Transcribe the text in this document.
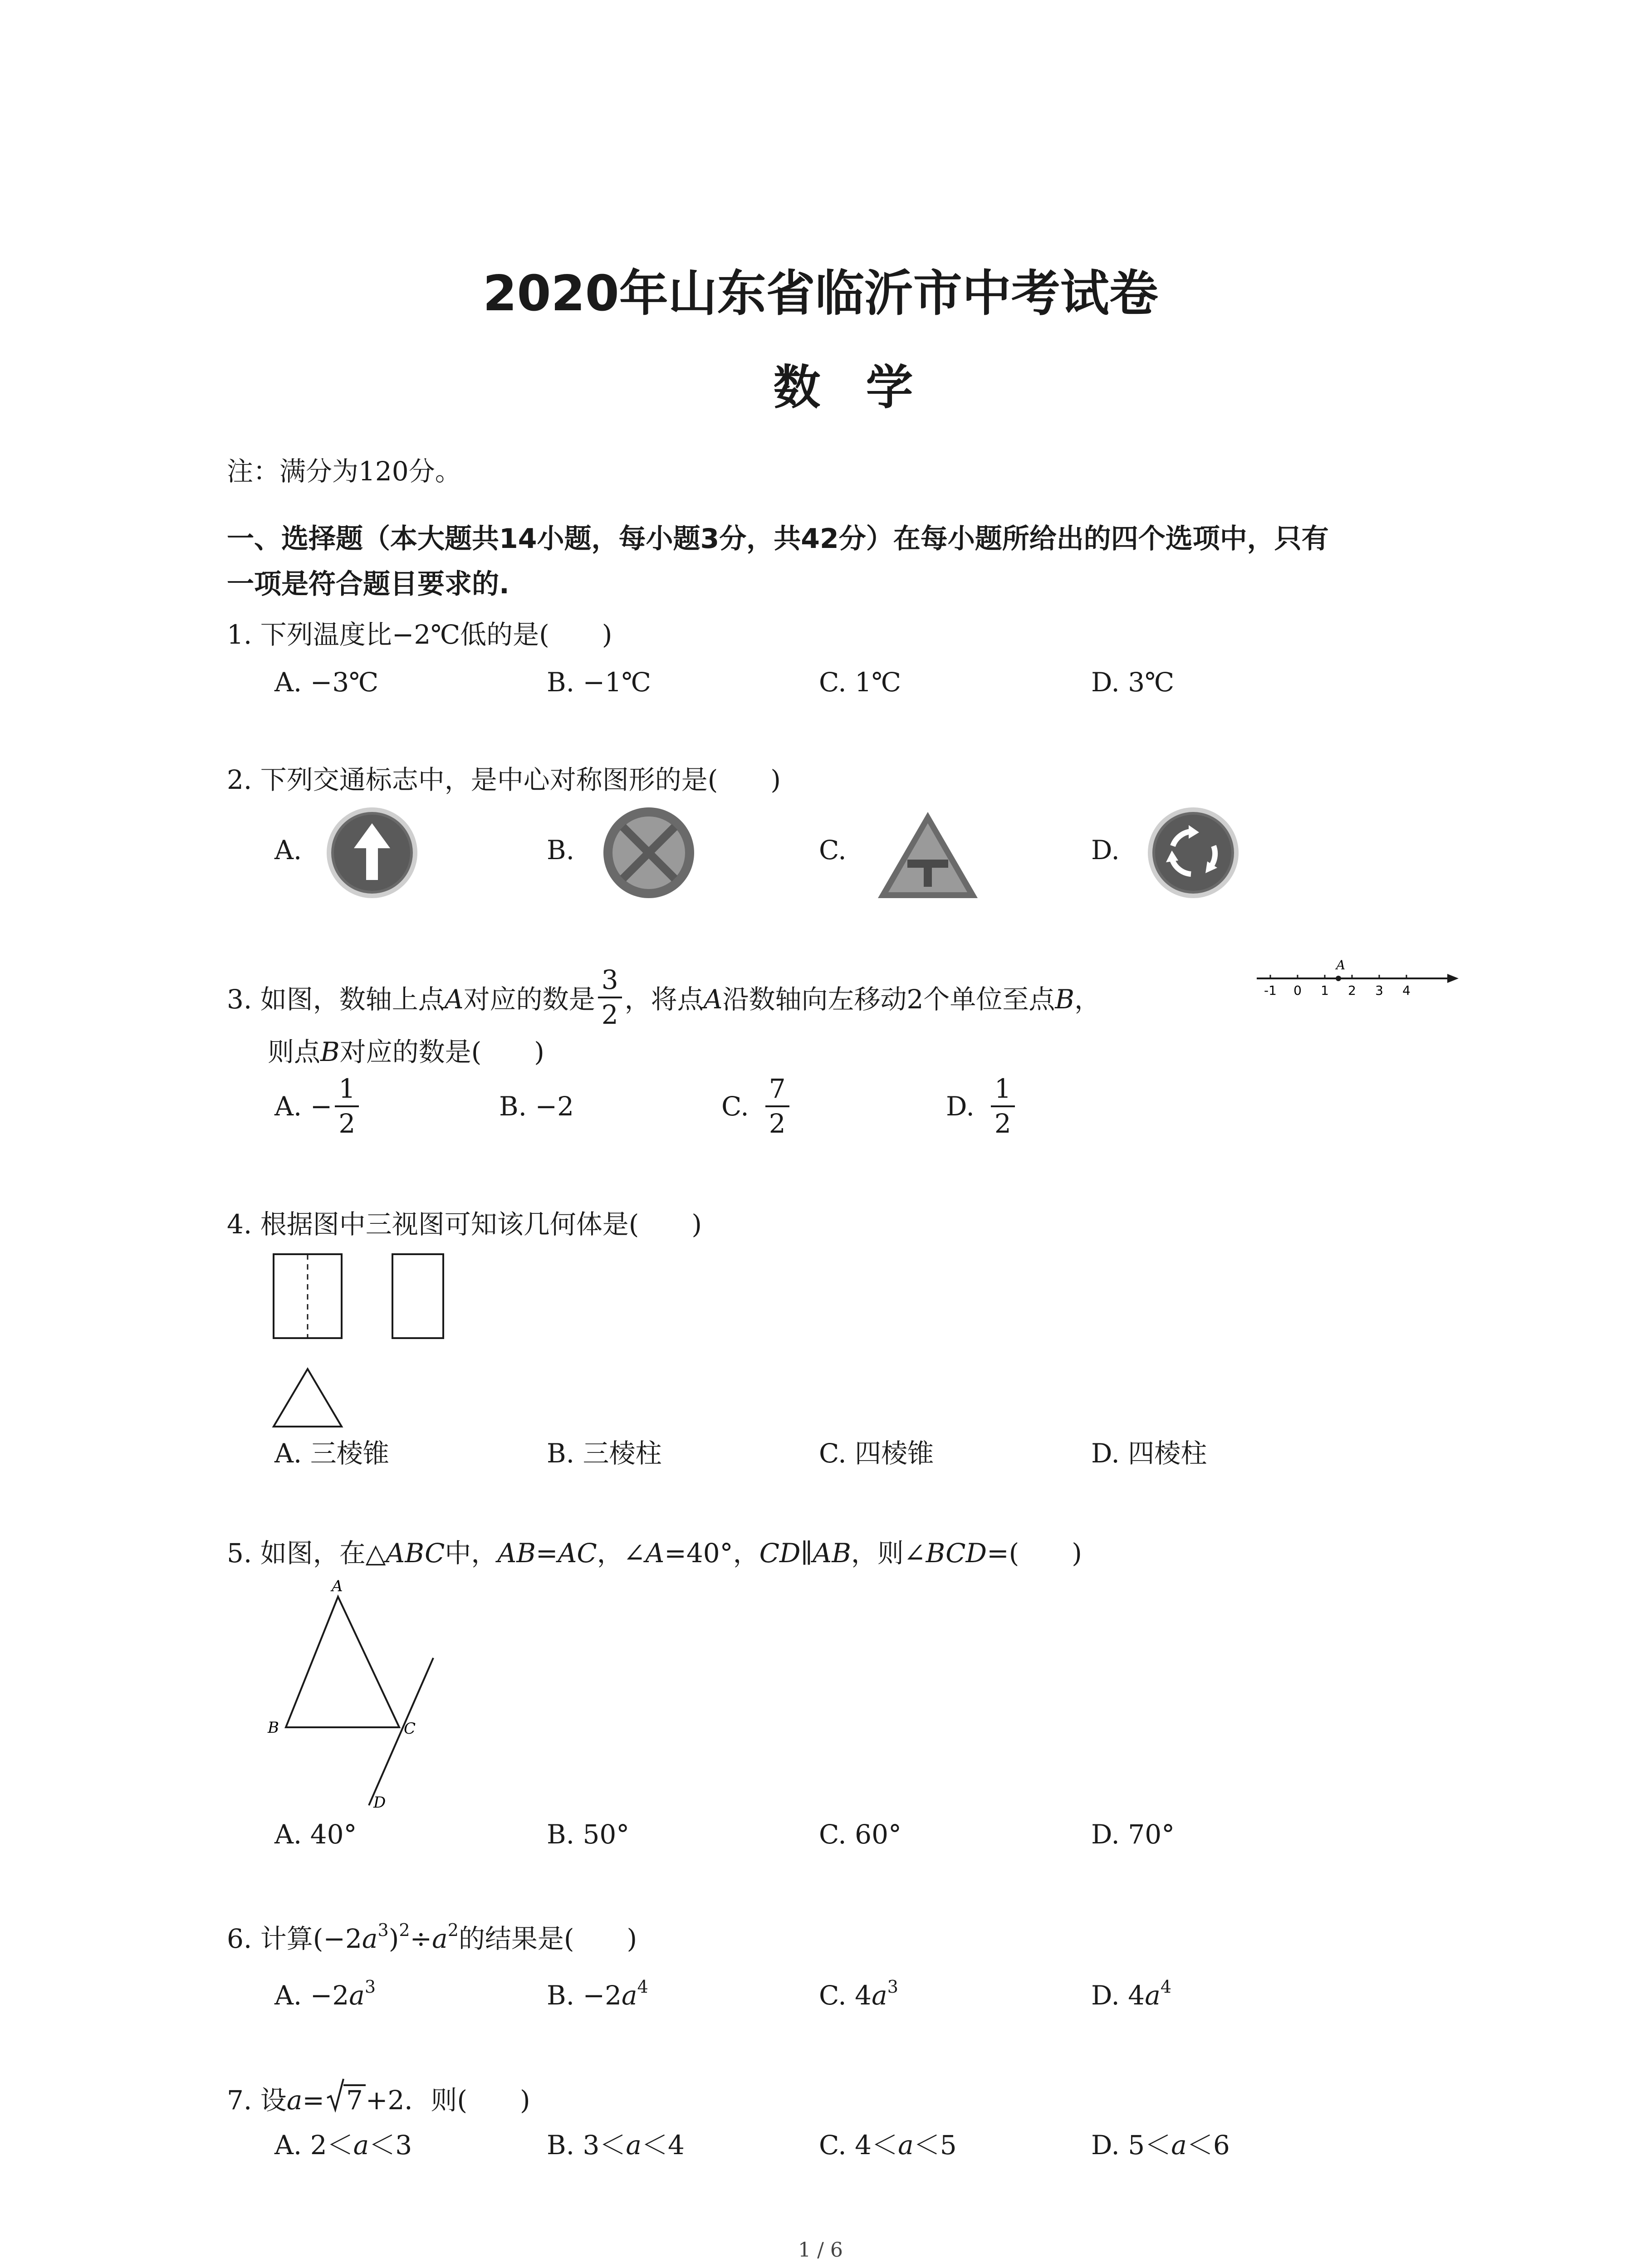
2020年山东省临沂市中考试卷
数学
注：满分为120分。
一、选择题（本大题共14小题，每小题3分，共42分）在每小题所给出的四个选项中，只有
一项是符合题目要求的.
1. 下列温度比−2℃低的是(　　)
A. −3℃	B. −1℃	C. 1℃	D. 3℃
2. 下列交通标志中，是中心对称图形的是(　　)
A.	B.	C.	D.
3. 如图，数轴上点A对应的数是 $\frac{3}{2}$ ，将点A沿数轴向左移动2个单位至点B，	-1 0 1 2 3 4
A
则点B对应的数是(　　)
A. − $\frac{1}{2}$	B. −2	C. $\frac{7}{2}$	D. $\frac{1}{2}$
4. 根据图中三视图可知该几何体是(　　)
A. 三棱锥	B. 三棱柱	C. 四棱锥	D. 四棱柱
5. 如图，在△ABC中，AB=AC，∠A=40°，CD∥AB，则∠BCD=(　　)
A
B	C
D
A. 40°	B. 50°	C. 60°	D. 70°
6. 计算$(-2a^3)^2\div a^2$的结果是(　　)
A. $-2a^3$	B. $-2a^4$	C. $4a^3$	D. $4a^4$
7. 设a= 7 +2．则(　　)
A. 2＜a＜3	B. 3＜a＜4	C. 4＜a＜5	D. 5＜a＜6
1 / 6
